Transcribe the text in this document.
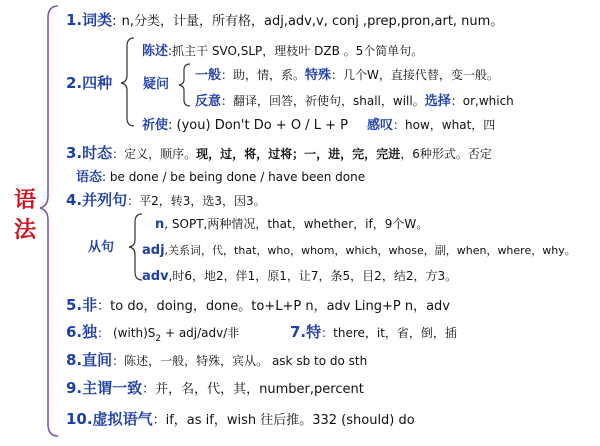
语
法
1.词类: n,分类，计量，所有格，adj,adv,v, conj ,prep,pron,art, num。
2.四种
陈述:抓主干 SVO,SLP，理枝叶 DZB 。5个简单句。
疑问
一般：助，情，系。特殊：几个W，直接代替，变一般。
反意：翻译，回答，祈使句，shall，will。选择：or,which
祈使: (you) Don't Do + O / L + P 感叹：how，what，四
3.时态：定义，顺序。现，过，将，过将；一，进，完，完进，6种形式。否定
语态: be done / be being done / have been done
4.并列句：平2，转3，选3，因3。
从句
n, SOPT,两种情况，that，whether，if，9个W。
adj,关系词，代，that，who，whom，which，whose，副，when，where，why。
adv,时6，地2，伴1，原1，让7，条5，目2，结2，方3。
5.非：to do，doing，done。to+L+P n，adv Ling+P n，adv
6.独： $(with)S_2 + adj/adv/$非	7.特：there，it，省，倒，插
8.直间：陈述，一般，特殊，宾从。 ask sb to do sth
9.主谓一致：并，名，代，其，number,percent
10.虚拟语气：if，as if，wish 往后推。332 (should) do
